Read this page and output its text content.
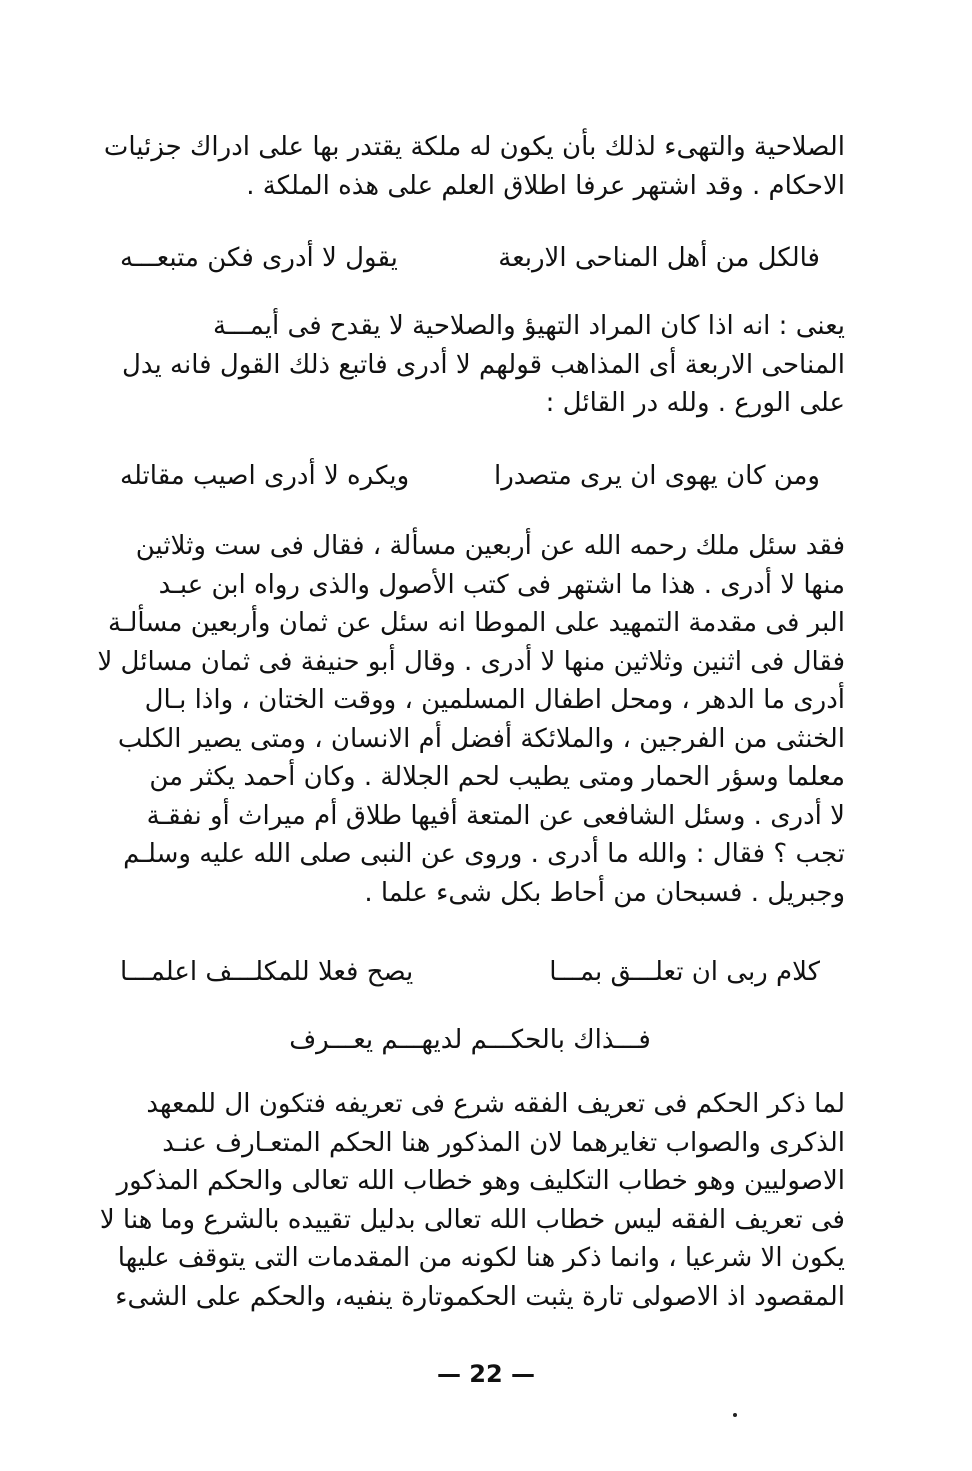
الصلاحية والتهىء لذلك بأن يكون له ملكة يقتدر بها على ادراك جزئيات
الاحكام . وقد اشتهر عرفا اطلاق العلم على هذه الملكة .
فالكل من أهل المناحى الاربعة
يقول لا أدرى فكن متبعـــه
يعنى : انه اذا كان المراد التهيؤ والصلاحية لا يقدح فى أيمـــة
المناحى الاربعة أى المذاهب قولهم لا أدرى فاتبع ذلك القول فانه يدل
على الورع . ولله در القائل :
ومن كان يهوى ان يرى متصدرا
ويكره لا أدرى اصيب مقاتله
فقد سئل ملك رحمه الله عن أربعين مسألة ، فقال فى ست وثلاثين
منها لا أدرى . هذا ما اشتهر فى كتب الأصول والذى رواه ابن عبـد
البر فى مقدمة التمهيد على الموطا انه سئل عن ثمان وأربعين مسألـة
فقال فى اثنين وثلاثين منها لا أدرى . وقال أبو حنيفة فى ثمان مسائل لا
أدرى ما الدهر ، ومحل اطفال المسلمين ، ووقت الختان ، واذا بـال
الخنثى من الفرجين ، والملائكة أفضل أم الانسان ، ومتى يصير الكلب
معلما وسؤر الحمار ومتى يطيب لحم الجلالة . وكان أحمد يكثر من
لا أدرى . وسئل الشافعى عن المتعة أفيها طلاق أم ميراث أو نفقـة
تجب ؟ فقال : والله ما أدرى . وروى عن النبى صلى الله عليه وسلـم
وجبريل . فسبحان من أحاط بكل شىء علما .
كلام ربى ان تعلـــق بمـــا
يصح فعلا للمكلـــف اعلمـــا
فـــذاك بالحكـــم لديهـــم يعـــرف
لما ذكر الحكم فى تعريف الفقه شرع فى تعريفه فتكون ال للمعهد
الذكرى والصواب تغايرهما لان المذكور هنا الحكم المتعـارف عنـد
الاصوليين وهو خطاب التكليف وهو خطاب الله تعالى والحكم المذكور
فى تعريف الفقه ليس خطاب الله تعالى بدليل تقييده بالشرع وما هنا لا
يكون الا شرعيا ، وانما ذكر هنا لكونه من المقدمات التى يتوقف عليها
المقصود اذ الاصولى تارة يثبت الحكموتارة ينفيه، والحكم على الشىء
— 22 —
